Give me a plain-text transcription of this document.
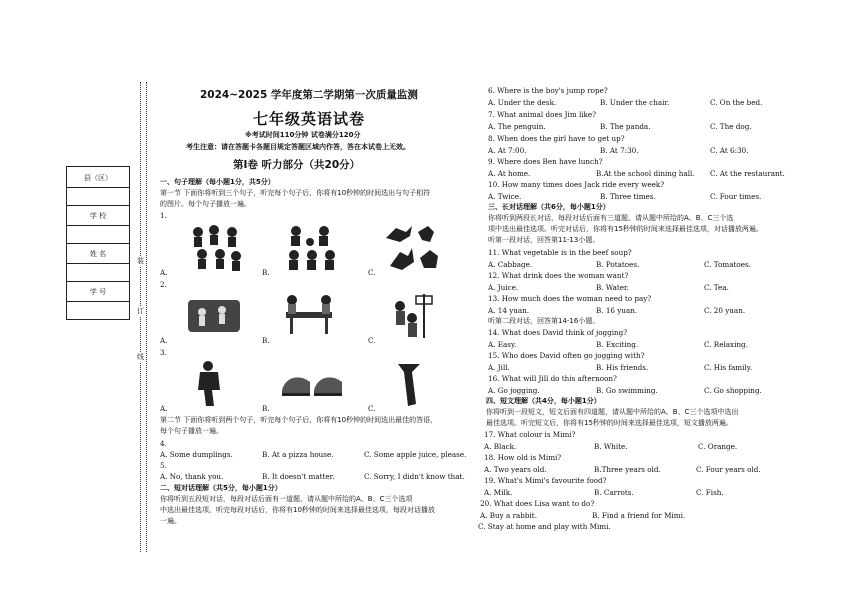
装
订
线
县（区）
学 校
姓 名
学 号
2024~2025 学年度第二学期第一次质量监测
七年级英语试卷
※考试时间110分钟 试卷满分120分
考生注意：请在答题卡各题目规定答题区域内作答，答在本试卷上无效。
第Ⅰ卷 听力部分（共20分）
一、句子理解（每小题1分，共5分）
第一节 下面你将听到三个句子，听完每个句子后，你将有10秒钟的时间选出与句子相符
的图片。每个句子播放一遍。
1.
A.	B.	C.
2.
A.	B.	C.
3.
A.	B.	C.
第二节 下面你将听到两个句子，听完每个句子后，你将有10秒钟的时间选出最佳的答语，
每个句子播放一遍。
4.
A. Some dumplings.	B. At a pizza house.	C. Some apple juice, please.
5.
A. No, thank you.	B. It doesn't matter.	C. Sorry, I didn't know that.
二、短对话理解（共5分，每小题1分）
你将听到五段短对话，每段对话后面有一道题，请从题中所给的A、B、C三个选项
中选出最佳选项，听完每段对话后，你将有10秒钟的时间来选择最佳选项，每段对话播放
一遍。
6. Where is the boy's jump rope?
A. Under the desk.	B. Under the chair.	C. On the bed.
7. What animal does Jim like?
A. The penguin.	B. The panda.	C. The dog.
8. When does the girl have to get up?
A. At 7:00.	B. At 7:30.	C. At 6:30.
9. Where does Ben have lunch?
A. At home.	B.At the school dining hall. C. At the restaurant.
10. How many times does Jack ride every week?
A. Twice.	B. Three times.	C. Four times.
三、长对话理解（共6分，每小题1分）
你将听到两段长对话，每段对话后面有三道题，请从题中所给的A、B、C三个选
项中选出最佳选项。听完对话后，你将有15秒钟的时间来选择最佳选项，对话播放两遍。
听第一段对话，回答第11-13小题。
11. What vegetable is in the beef soup?
A. Cabbage.	B. Potatoes.	C. Tomatoes.
12. What drink does the woman want?
A. Juice.	B. Water.	C. Tea.
13. How much does the woman need to pay?
A. 14 yuan.	B. 16 yuan.	C. 20 yuan.
听第二段对话，回答第14-16小题。
14. What does David think of jogging?
A. Easy.	B. Exciting.	C. Relaxing.
15. Who does David often go jogging with?
A. Jill.	B. His friends.	C. His family.
16. What will Jill do this afternoon?
A. Go jogging.	B. Go swimming.	C. Go shopping.
四、短文理解（共4分，每小题1分）
你将听到一段短文，短文后面有四道题，请从题中所给的A、B、C三个选项中选出
最佳选项。听完短文后，你将有15秒钟的时间来选择最佳选项，短文播放两遍。
17. What colour is Mimi?
A. Black.	B. White.	C. Orange.
18. How old is Mimi?
A. Two years old.	B.Three years old.	C. Four years old.
19. What's Mimi's favourite food?
A. Milk.	B. Carrots.	C. Fish.
20. What does Lisa want to do?
A. Buy a rabbit.	B. Find a friend for Mimi.
C. Stay at home and play with Mimi.
